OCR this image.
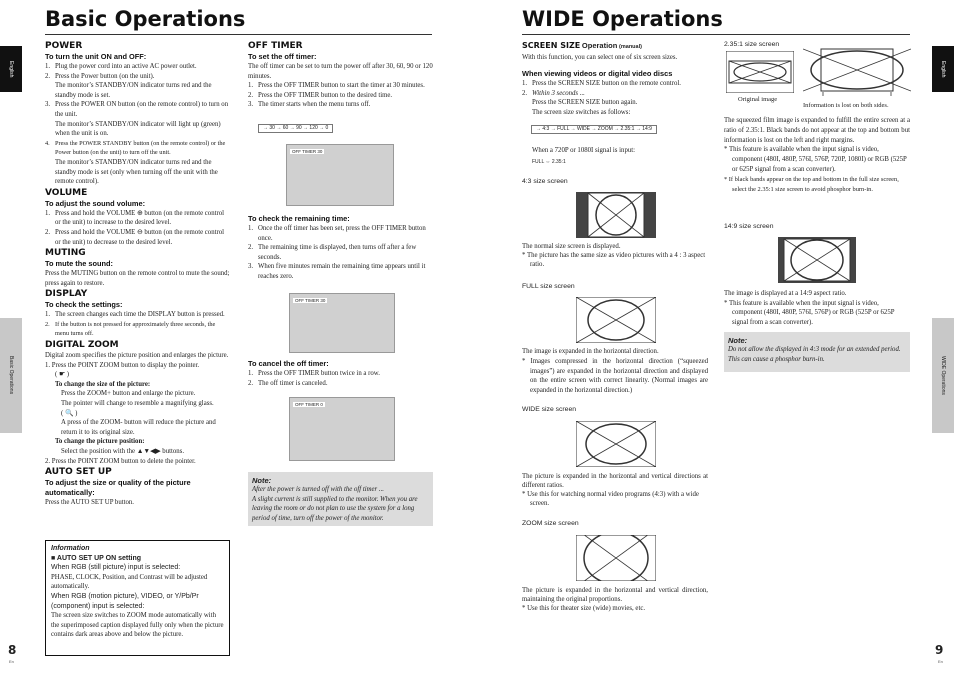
Basic Operations
English
Basic Operations
POWER
To turn the unit ON and OFF:
1. Plug the power cord into an active AC power outlet.
2. Press the Power button (on the unit).
The monitor’s STANDBY/ON indicator turns red and the standby mode is set.
3. Press the POWER ON button (on the remote control) to turn on the unit.
The monitor’s STANDBY/ON indicator will light up (green) when the unit is on.
4. Press the POWER STANDBY button (on the remote control) or the Power button (on the unit) to turn off the unit.
The monitor’s STANDBY/ON indicator turns red and the standby mode is set (only when turning off the unit with the remote control).
VOLUME
To adjust the sound volume:
1. Press and hold the VOLUME ⊕ button (on the remote control or the unit) to increase to the desired level.
2. Press and hold the VOLUME ⊖ button (on the remote control or the unit) to decrease to the desired level.
MUTING
To mute the sound:

Press the MUTING button on the remote control to mute the sound; press again to restore.

DISPLAY
To check the settings:
1. The screen changes each time the DISPLAY button is pressed.
2. If the button is not pressed for approximately three seconds, the menu turns off.
DIGITAL ZOOM

Digital zoom specifies the picture position and enlarges the picture.

1. Press the POINT ZOOM button to display the pointer.

( ☛ )

To change the size of the picture:

Press the ZOOM+ button and enlarge the picture.

The pointer will change to resemble a magnifying glass.

( 🔍 )

A press of the ZOOM- button will reduce the picture and return it to its original size.

To change the picture position:

Select the position with the ▲▼◀▶ buttons.

2. Press the POINT ZOOM button to delete the pointer.

AUTO SET UP
To adjust the size or quality of the picture automatically:

Press the AUTO SET UP button.

Information
■ AUTO SET UP ON setting
When RGB (still picture) input is selected:
PHASE, CLOCK, Position, and Contrast will be adjusted automatically.
When RGB (motion picture), VIDEO, or Y/Pb/Pr (component) input is selected:
The screen size switches to ZOOM mode automatically with the superimposed caption displayed fully only when the picture contains dark areas above and below the picture.
OFF TIMER
To set the off timer:

The off timer can be set to turn the power off after 30, 60, 90 or 120 minutes.

1. Press the OFF TIMER button to start the timer at 30 minutes.
2. Press the OFF TIMER button to the desired time.
3. The timer starts when the menu turns off.
→ 30 → 60 → 90 → 120 → 0
OFF TIMER 30
To check the remaining time:
1. Once the off timer has been set, press the OFF TIMER button once.
2. The remaining time is displayed, then turns off after a few seconds.
3. When five minutes remain the remaining time appears until it reaches zero.
OFF TIMER 30
To cancel the off timer:
1. Press the OFF TIMER button twice in a row.
2. The off timer is canceled.
OFF TIMER 0
Note:
After the power is turned off with the off timer ...
A slight current is still supplied to the monitor. When you are leaving the room or do not plan to use the system for a long period of time, turn off the power of the monitor.
8
En
WIDE Operations
English
WIDE Operations
SCREEN SIZE Operation (manual)

With this function, you can select one of six screen sizes.

When viewing videos or digital video discs
1. Press the SCREEN SIZE button on the remote control.
2. Within 3 seconds ...

Press the SCREEN SIZE button again.

The screen size switches as follows:

→ 4:3 → FULL → WIDE → ZOOM → 2.35:1 → 14:9

When a 720P or 1080I signal is input:

FULL ⇔ 2.35:1
4:3 size screen
The normal size screen is displayed.
* The picture has the same size as video pictures with a 4 : 3 aspect ratio.
FULL size screen
The image is expanded in the horizontal direction.
* Images compressed in the horizontal direction (“squeezed images”) are expanded in the horizontal direction and displayed on the entire screen with correct linearity. (Normal images are expanded in the horizontal direction.)
WIDE size screen
The picture is expanded in the horizontal and vertical directions at different ratios.
* Use this for watching normal video programs (4:3) with a wide screen.
ZOOM size screen
The picture is expanded in the horizontal and vertical direction, maintaining the original proportions.
* Use this for theater size (wide) movies, etc.
2.35:1 size screen
Original image
Information is lost on both sides.
The squeezed film image is expanded to fulfill the entire screen at a ratio of 2.35:1. Black bands do not appear at the top and bottom but information is lost on the left and right margins.
* This feature is available when the input signal is video, component (480I, 480P, 576I, 576P, 720P, 1080I) or RGB (525P or 625P signal from a scan converter).
* If black bands appear on the top and bottom in the full size screen, select the 2.35:1 size screen to avoid phosphor burn-in.
14:9 size screen
The image is displayed at a 14:9 aspect ratio.
* This feature is available when the input signal is video, component (480I, 480P, 576I, 576P) or RGB (525P or 625P signal from a scan converter).
Note:
Do not allow the displayed in 4:3 mode for an extended period. This can cause a phosphor burn-in.
9
En
